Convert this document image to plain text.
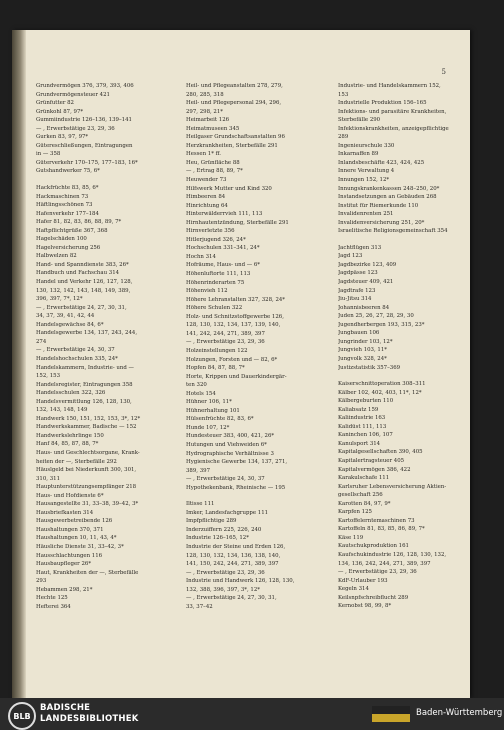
5
Grundvermögen 376, 379, 393, 406
Grundvermögensteuer 421
Grünfutter 82
Grünkohl 87, 97*
Gummiindustrie 126–136, 139–141
— , Erwerbstätige 23, 29, 36
Gurken 83, 97, 97*
Gütereschließungen, Eintragungen
in — 358
Güterverkehr 170–175, 177–183, 16*
Gutshandwerker 75, 6*
Hackfrüchte 83, 85, 6*
Hackmaschinen 73
Häftlingsschönen 73
Hafenverkehr 177–184
Hafer 81, 82, 83, 86, 88, 89, 7*
Haftpflichtgrüße 367, 368
Hagelschäden 100
Hagelversicherung 256
Halbwelzen 82
Hand- und Spanndienste 383, 26*
Handbuch und Fachschau 314
Handel und Verkehr 126, 127, 128,
130, 132, 142, 143, 148, 149, 389,
396, 397, 7*, 12*
— , Erwerbstätige 24, 27, 30, 31,
34, 37, 39, 41, 42, 44
Handelsgewächse 84, 6*
Handelsgewerbe 134, 137, 243, 244,
274
— , Erwerbstätige 24, 30, 37
Handelshochschulen 335, 24*
Handelskammern, Industrie- und —
152, 153
Handelsregister, Eintragungen 358
Handelsschulen 322, 326
Handelsvermittlung 126, 128, 130,
132, 143, 148, 149
Handwerk 150, 151, 152, 153, 3*, 12*
Handwerkskammer, Badische — 152
Handwerkslehrlinge 150
Hanf 84, 85, 87, 88, 7*
Haus- und Geschlechtsorgane, Krank-
heiten der —, Sterbefälle 292
Häuslgeld bei Niederkunft 300, 301,
310, 311
Hauptunterstützungsempfänger 218
Haus- und Hofdienste 6*
Hausangestellte 31, 33–38, 39–42, 3*
Hausbriefkasten 314
Hausgewerbetreibende 126
Haushaltungen 370, 371
Haushaltungen 10, 11, 43, 4*
Häusliche Dienste 31, 33–42, 3*
Hausschlachtungen 116
Hausbaupfleger 26*
Haut, Krankheiten der —, Sterbefälle
293
Hebammen 298, 21*
Hechte 125
Hefterei 364
Heil- und Pflegeanstalten 278, 279,
280, 285, 318
Heil- und Pflegepersonal 294, 296,
297, 298, 21*
Heimarbeit 126
Heimatmuseen 345
Heilgaser Grundschaftsanstalten 96
Herzkrankheiten, Sterbefälle 291
Hessen 1* ff.
Heu, Grünfläche 88
— , Ertrag 88, 89, 7*
Heuwender 73
Hilfswerk Mutter und Kind 320
Himbeeren 84
Hinrichtung 64
Hinterwälderrvieh 111, 113
Hirnhautentzündung, Sterbefälle 291
Hirnverletzte 356
Hitlerjugend 326, 24*
Hochschulen 331–341, 24*
Hochn 314
Hofräume, Haus- und — 6*
Höhenluftorte 111, 113
Höhenrinderarten 75
Höhenvieh 112
Höhere Lehranstalten 327, 328, 24*
Höhere Schulen 322
Holz- und Schnitzstoffgewerbe 126,
128, 130, 132, 134, 137, 139, 140,
141, 242, 244, 271, 389, 397
— , Erwerbstätige 23, 29, 36
Holzeinstellungen 122
Holzungen, Forsten und — 82, 6*
Hopfen 84, 87, 88, 7*
Horte, Krippen und Dauerkindergär-
ten 320
Hotels 154
Hühner 106, 11*
Hühnerhaltung 101
Hülsenfrüchte 82, 83, 6*
Hunde 107, 12*
Hundesteuer 383, 400, 421, 26*
Hutungen und Viehweiden 6*
Hydrographische Verhältnisse 3
Hygienische Gewerbe 134, 137, 271,
389, 397
— , Erwerbstätige 24, 30, 37
Hypothekenbank, Rheinische — 195
Iltisse 111
Imker, Landesfachgruppe 111
Impfpflichtige 289
Inderzuiffern 225, 226, 240
Industrie 126–165, 12*
Industrie der Steine und Erden 126,
128, 130, 132, 134, 136, 138, 140,
141, 150, 242, 244, 271, 389, 397
— , Erwerbstätige 23, 29, 36
Industrie und Handwerk 126, 128, 130,
132, 388, 396, 397, 3*, 12*
— , Erwerbstätige 24, 27, 30, 31,
33, 37–42
Industrie- und Handelskammern 152,
153
Industrielle Produktion 156–165
Infektions- und parasitäre Krankheiten,
Sterbefälle 290
Infektionskrankheiten, anzeigepflichtige
289
Ingenieurschule 330
Inkarnaffen 89
Inlandsbeschäfte 423, 424, 425
Innere Verwaltung 4
Innungen 152, 12*
Innungskrankenkassen 248–250, 20*
Instandsetzungen an Gebäuden 268
Institut für Riemerkunde 110
Invalidenrenten 251
Invalidenversicherung 251, 20*
Israelitische Religionsgemeinschaft 354
Jachtflügen 313
Jagd 123
Jagdbezirke 123, 409
Jagdpässe 123
Jagdsteuer 409, 421
Jagdtrafe 123
Jiu-Jitsu 314
Johannisbeeren 84
Juden 25, 26, 27, 28, 29, 30
Jugendherbergen 193, 315, 23*
Jungbauen 106
Jungrinder 103, 12*
Jungvieh 103, 11*
Jungvolk 328, 24*
Justizstatistik 357–369
Kaiserschnittoperation 308–311
Kälber 102, 402, 403, 11*, 12*
Kälbergeburten 110
Kaliabsatz 159
Kaliindustrie 163
Kalidüst 111, 113
Kaninchen 106, 107
Kanulsport 314
Kapitalgesellschaften 390, 405
Kapitalertragsteuer 405
Kapitalvermögen 386, 422
Karakulschafe 111
Karlsruher Lebensversicherung Aktien-
gesellschaft 256
Karotten 84, 97, 9*
Karpfen 125
Kartoffelerntemaschinen 73
Kartoffeln 81, 83, 85, 86, 89, 7*
Käse 119
Kautschukproduktion 161
Kaufschukindustrie 126, 128, 130, 132,
134, 136, 242, 244, 271, 389, 397
— , Erwerbstätige 23, 29, 36
KdF-Urlauber 193
Kegeln 314
Keilsnpfschreibflucht 289
Kernobst 98, 99, 8*
BLB
BADISCHE
LANDESBIBLIOTHEK
Baden-Württemberg
